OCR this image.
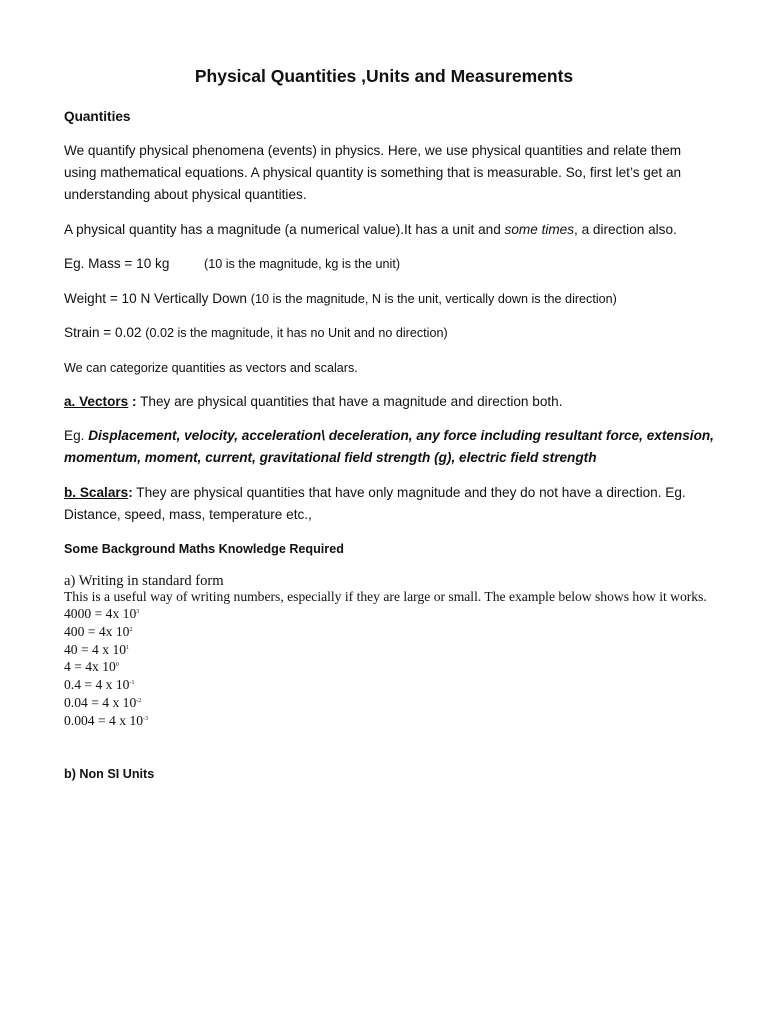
Physical Quantities ,Units and Measurements

Quantities

We quantify physical phenomena (events) in physics. Here, we use physical quantities and relate them using mathematical equations. A physical quantity is something that is measurable. So, first let’s get an understanding about physical quantities.

A physical quantity has a magnitude (a numerical value).It has a unit and some times, a direction also.

Eg. Mass = 10 kg	(10 is the magnitude, kg is the unit)

Weight = 10 N Vertically Down (10 is the magnitude, N is the unit, vertically down is the direction)

Strain = 0.02 (0.02 is the magnitude, it has no Unit and no direction)

We can categorize quantities as vectors and scalars.

a. Vectors : They are physical quantities that have a magnitude and direction both.

Eg. Displacement, velocity, acceleration\ deceleration, any force including resultant force, extension, momentum, moment, current, gravitational field strength (g), electric field strength

b. Scalars: They are physical quantities that have only magnitude and they do not have a direction. Eg. Distance, speed, mass, temperature etc.,

Some Background Maths Knowledge Required

a) Writing in standard form
This is a useful way of writing numbers, especially if they are large or small. The example below shows how it works.
4000 = 4x $10^3$
400 = 4x $10^2$
40 = 4 x $10^1$
4 = 4x $10^0$
0.4 = 4 x $10^{-1}$
0.04 = 4 x $10^{-2}$
0.004 = 4 x $10^{-3}$

b) Non SI Units
